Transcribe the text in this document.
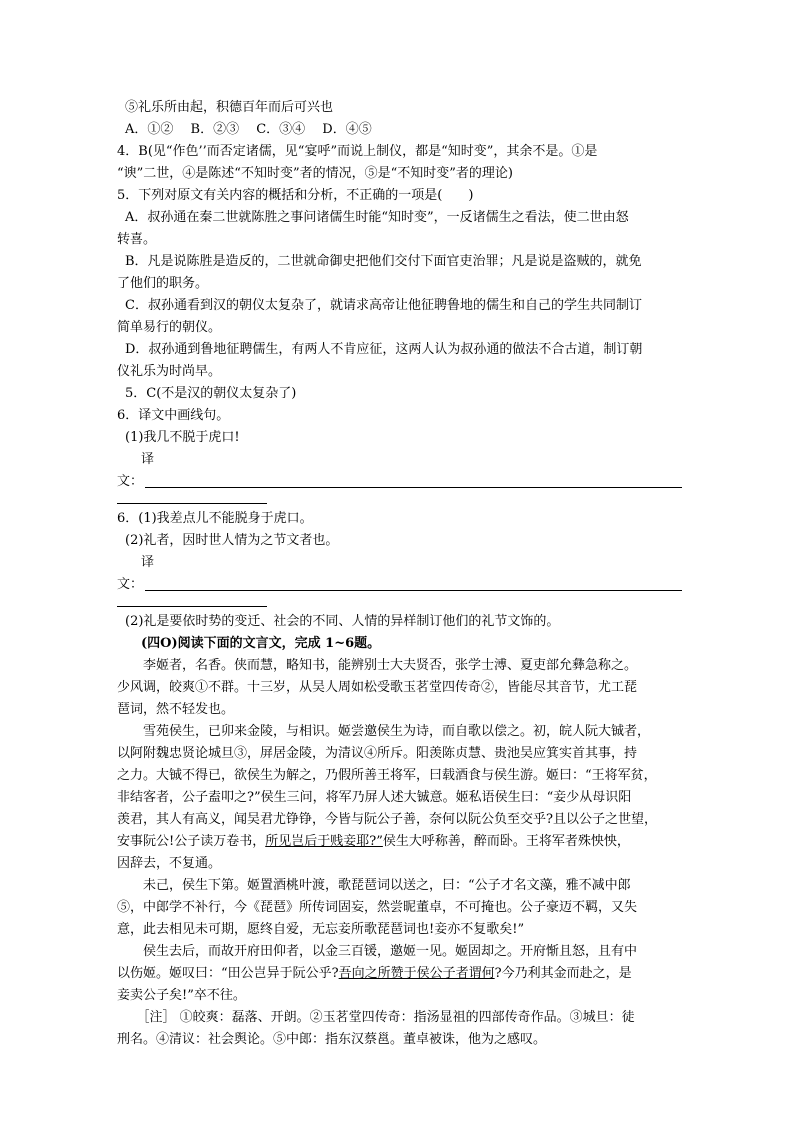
⑤礼乐所由起，积德百年而后可兴也

A．①②　 B．②③　 C．③④　 D．④⑤

4．B(见“作色’’而否定诸儒，见“宴呼”而说上制仪，都是“知时变”，其余不是。①是

“谀”二世，④是陈述“不知时变”者的情况，⑤是“不知时变”者的理论)

5．下列对原文有关内容的概括和分析，不正确的一项是(　　)

A．叔孙通在秦二世就陈胜之事问诸儒生时能“知时变”，一反诸儒生之看法，使二世由怒

转喜。

B．凡是说陈胜是造反的，二世就命御史把他们交付下面官吏治罪；凡是说是盗贼的，就免

了他们的职务。

C．叔孙通看到汉的朝仪太复杂了，就请求高帝让他征聘鲁地的儒生和自己的学生共同制订

简单易行的朝仪。

D．叔孙通到鲁地征聘儒生，有两人不肯应征，这两人认为叔孙通的做法不合古道，制订朝

仪礼乐为时尚早。

5．C(不是汉的朝仪太复杂了)

6．译文中画线句。

(1)我几不脱于虎口!

译

文：

6．(1)我差点儿不能脱身于虎口。

(2)礼者，因时世人情为之节文者也。

译

文：

(2)礼是要依时势的变迁、社会的不同、人情的异样制订他们的礼节文饰的。

(四O)阅读下面的文言文，完成 1~6题。

李姬者，名香。侠而慧，略知书，能辨别士大夫贤否，张学士溥、夏吏部允彝急称之。

少风调，皎爽①不群。十三岁，从吴人周如松受歌玉茗堂四传奇②，皆能尽其音节，尤工琵

琶词，然不轻发也。

雪苑侯生，已卯来金陵，与相识。姬尝邀侯生为诗，而自歌以偿之。初，皖人阮大铖者，

以阿附魏忠贤论城旦③，屏居金陵，为清议④所斥。阳羡陈贞慧、贵池吴应箕实首其事，持

之力。大铖不得已，欲侯生为解之，乃假所善王将军，曰载酒食与侯生游。姬曰：“王将军贫，

非结客者，公子盍叩之?”侯生三问，将军乃屏人述大铖意。姬私语侯生曰：“妾少从母识阳

羡君，其人有高义，闻吴君尤铮铮，今皆与阮公子善，奈何以阮公负至交乎?且以公子之世望，

安事阮公!公子读万卷书，所见岂后于贱妾耶?”侯生大呼称善，醉而卧。王将军者殊怏怏，

因辞去，不复通。

未己，侯生下第。姬置酒桃叶渡，歌琵琶词以送之，曰：“公子才名文藻，雅不减中郎

⑤，中郎学不补行，今《琵琶》所传词固妄，然尝昵董卓，不可掩也。公子豪迈不羁，又失

意，此去相见未可期，愿终自爱，无忘妾所歌琵琶词也!妾亦不复歌矣!”

侯生去后，而故开府田仰者，以金三百锾，邀姬一见。姬固却之。开府惭且怒，且有中

以伤姬。姬叹曰：“田公岂异于阮公乎?吾向之所赞于侯公子者谓何?今乃利其金而赴之，是

妾卖公子矣!”卒不往。

［注］ ①皎爽：磊落、开朗。②玉茗堂四传奇：指汤显祖的四部传奇作品。③城旦：徒

刑名。④清议：社会舆论。⑤中郎：指东汉蔡邕。董卓被诛，他为之感叹。
